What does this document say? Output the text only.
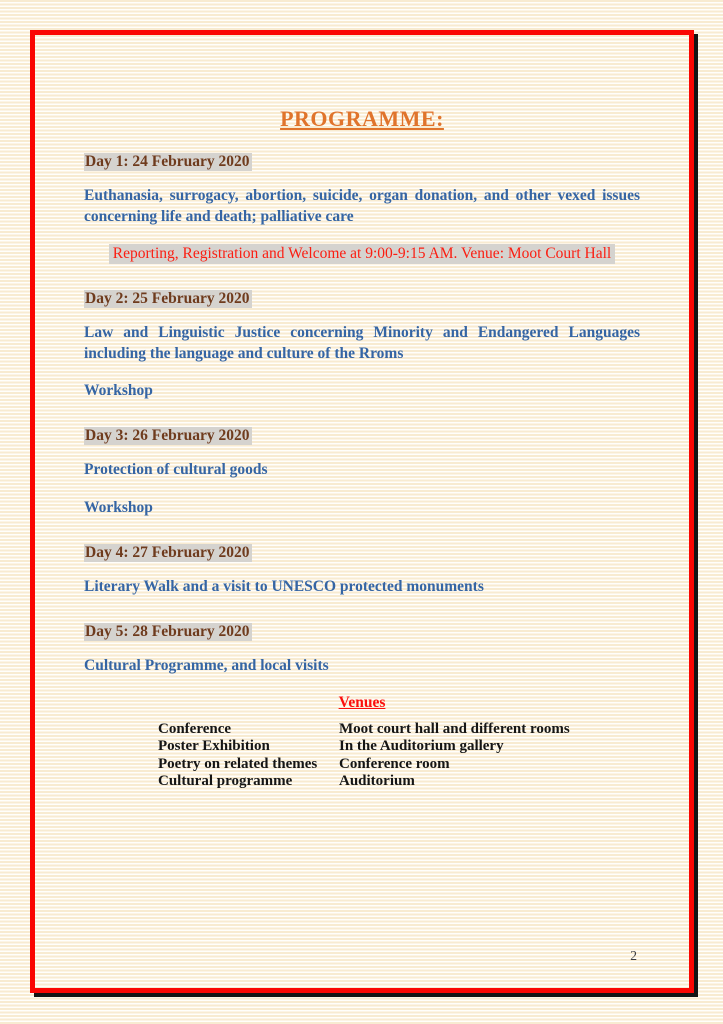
PROGRAMME:

Day 1: 24 February 2020

Euthanasia, surrogacy, abortion, suicide, organ donation, and other vexed issues concerning life and death; palliative care

Reporting, Registration and Welcome at 9:00-9:15 AM. Venue: Moot Court Hall

Day 2: 25 February 2020

Law and Linguistic Justice concerning Minority and Endangered Languages including the language and culture of the Rroms

Workshop

Day 3: 26 February 2020

Protection of cultural goods

Workshop

Day 4: 27 February 2020

Literary Walk and a visit to UNESCO protected monuments

Day 5: 28 February 2020

Cultural Programme, and local visits

Venues

Conference	Moot court hall and different rooms
Poster Exhibition	In the Auditorium gallery
Poetry on related themes	Conference room
Cultural programme	Auditorium
2
